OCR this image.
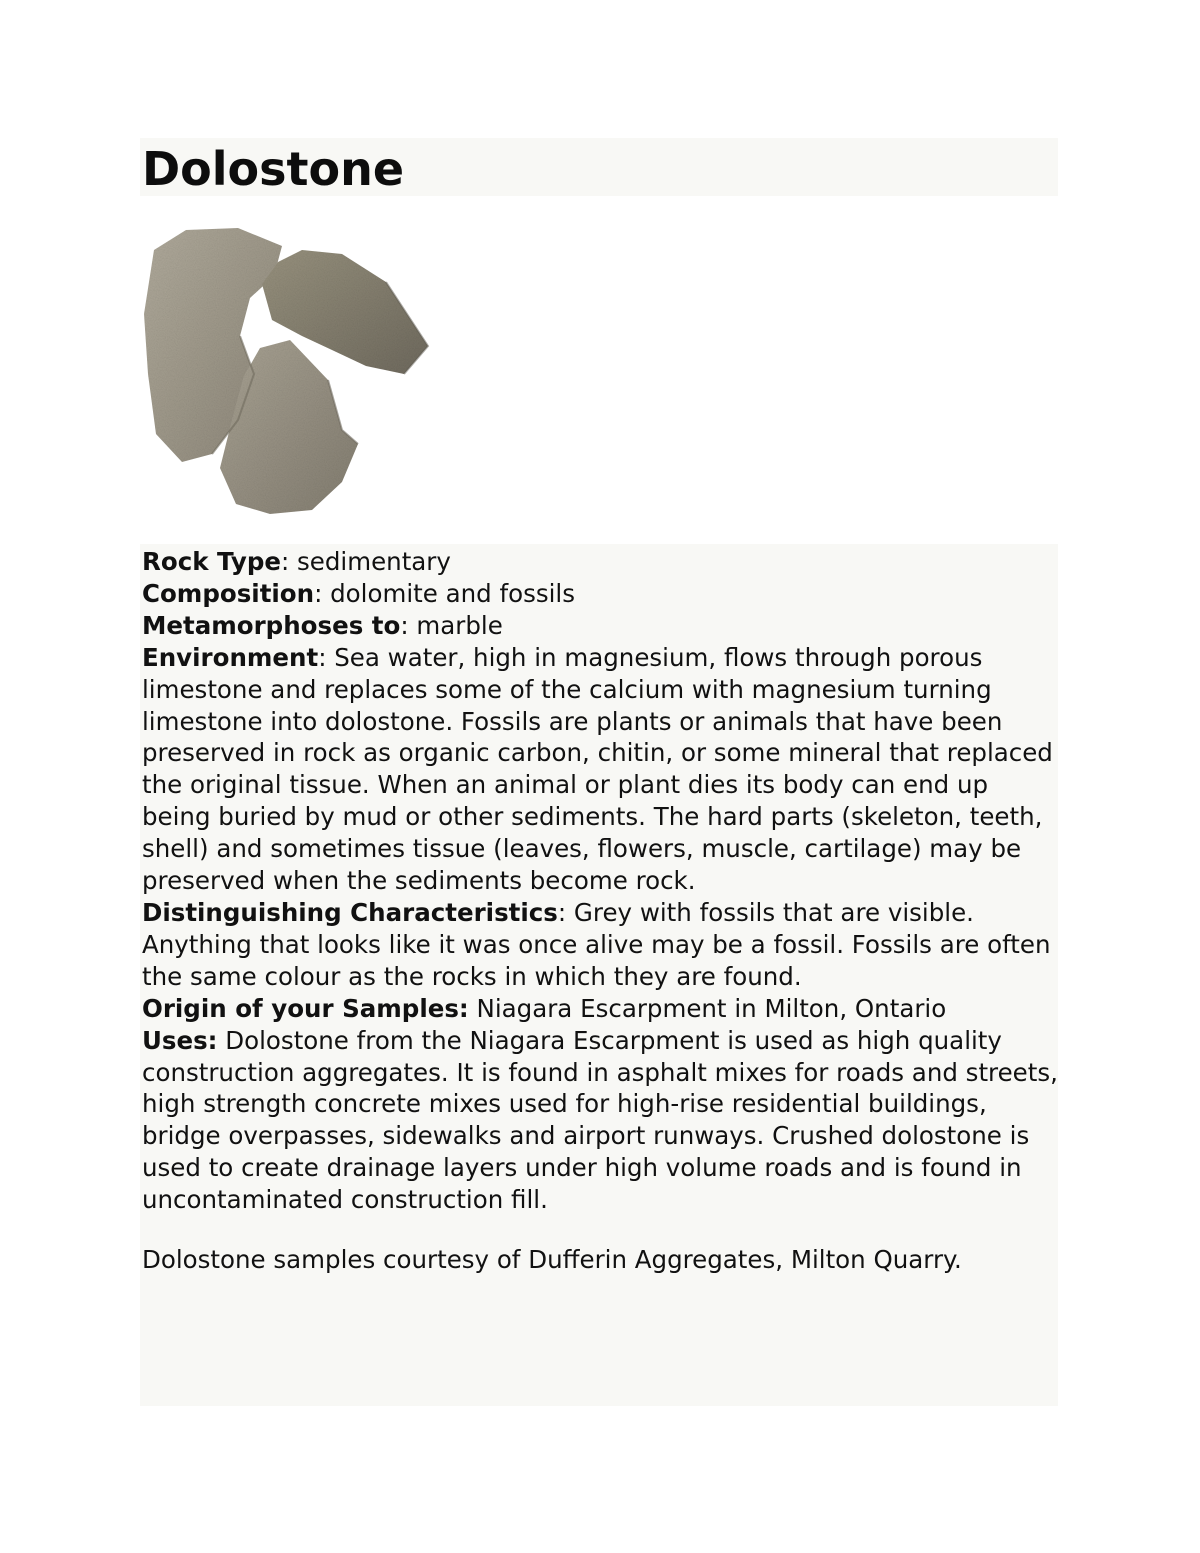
Dolostone

Rock Type: sedimentary

Composition: dolomite and fossils

Metamorphoses to: marble

Environment: Sea water, high in magnesium, flows through porous limestone and replaces some of the calcium with magnesium turning limestone into dolostone. Fossils are plants or animals that have been preserved in rock as organic carbon, chitin, or some mineral that replaced the original tissue. When an animal or plant dies its body can end up being buried by mud or other sediments. The hard parts (skeleton, teeth, shell) and sometimes tissue (leaves, flowers, muscle, cartilage) may be preserved when the sediments become rock.

Distinguishing Characteristics: Grey with fossils that are visible. Anything that looks like it was once alive may be a fossil. Fossils are often the same colour as the rocks in which they are found.

Origin of your Samples: Niagara Escarpment in Milton, Ontario

Uses: Dolostone from the Niagara Escarpment is used as high quality construction aggregates. It is found in asphalt mixes for roads and streets, high strength concrete mixes used for high-rise residential buildings, bridge overpasses, sidewalks and airport runways. Crushed dolostone is used to create drainage layers under high volume roads and is found in uncontaminated construction fill.

Dolostone samples courtesy of Dufferin Aggregates, Milton Quarry.
